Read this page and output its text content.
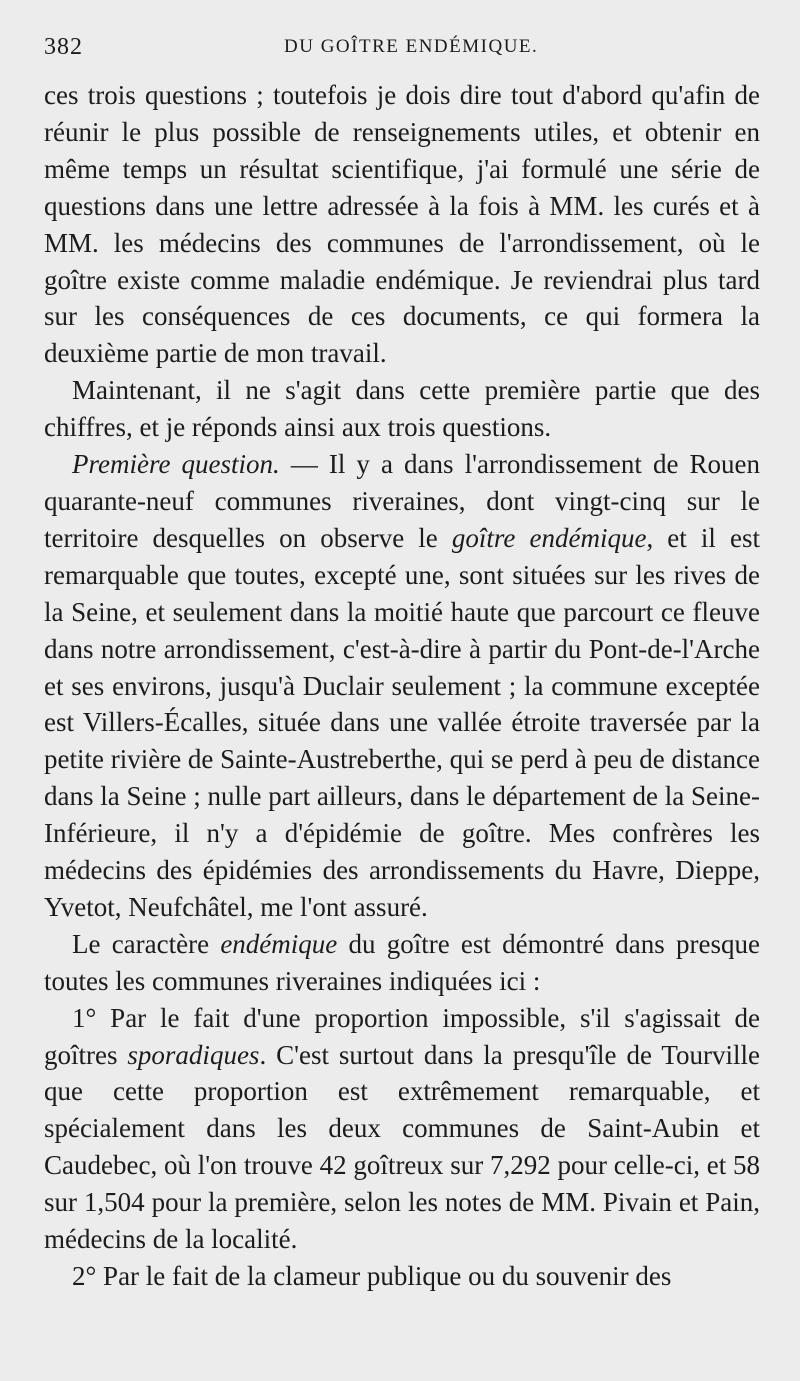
382	DU GOÎTRE ENDÉMIQUE.

ces trois questions ; toutefois je dois dire tout d'abord qu'afin de réunir le plus possible de renseignements utiles, et obtenir en même temps un résultat scientifique, j'ai formulé une série de questions dans une lettre adressée à la fois à MM. les curés et à MM. les médecins des communes de l'arrondissement, où le goître existe comme maladie endémique. Je reviendrai plus tard sur les conséquences de ces documents, ce qui formera la deuxième partie de mon travail.

Maintenant, il ne s'agit dans cette première partie que des chiffres, et je réponds ainsi aux trois questions.

Première question. — Il y a dans l'arrondissement de Rouen quarante-neuf communes riveraines, dont vingt-cinq sur le territoire desquelles on observe le goître endémique, et il est remarquable que toutes, excepté une, sont situées sur les rives de la Seine, et seulement dans la moitié haute que parcourt ce fleuve dans notre arrondissement, c'est-à-dire à partir du Pont-de-l'Arche et ses environs, jusqu'à Duclair seulement ; la commune exceptée est Villers-Écalles, située dans une vallée étroite traversée par la petite rivière de Sainte-Austreberthe, qui se perd à peu de distance dans la Seine ; nulle part ailleurs, dans le département de la Seine-Inférieure, il n'y a d'épidémie de goître. Mes confrères les médecins des épidémies des arrondissements du Havre, Dieppe, Yvetot, Neufchâtel, me l'ont assuré.

Le caractère endémique du goître est démontré dans presque toutes les communes riveraines indiquées ici :

1° Par le fait d'une proportion impossible, s'il s'agissait de goîtres sporadiques. C'est surtout dans la presqu'île de Tourville que cette proportion est extrêmement remarquable, et spécialement dans les deux communes de Saint-Aubin et Caudebec, où l'on trouve 42 goîtreux sur 7,292 pour celle-ci, et 58 sur 1,504 pour la première, selon les notes de MM. Pivain et Pain, médecins de la localité.

2° Par le fait de la clameur publique ou du souvenir des
